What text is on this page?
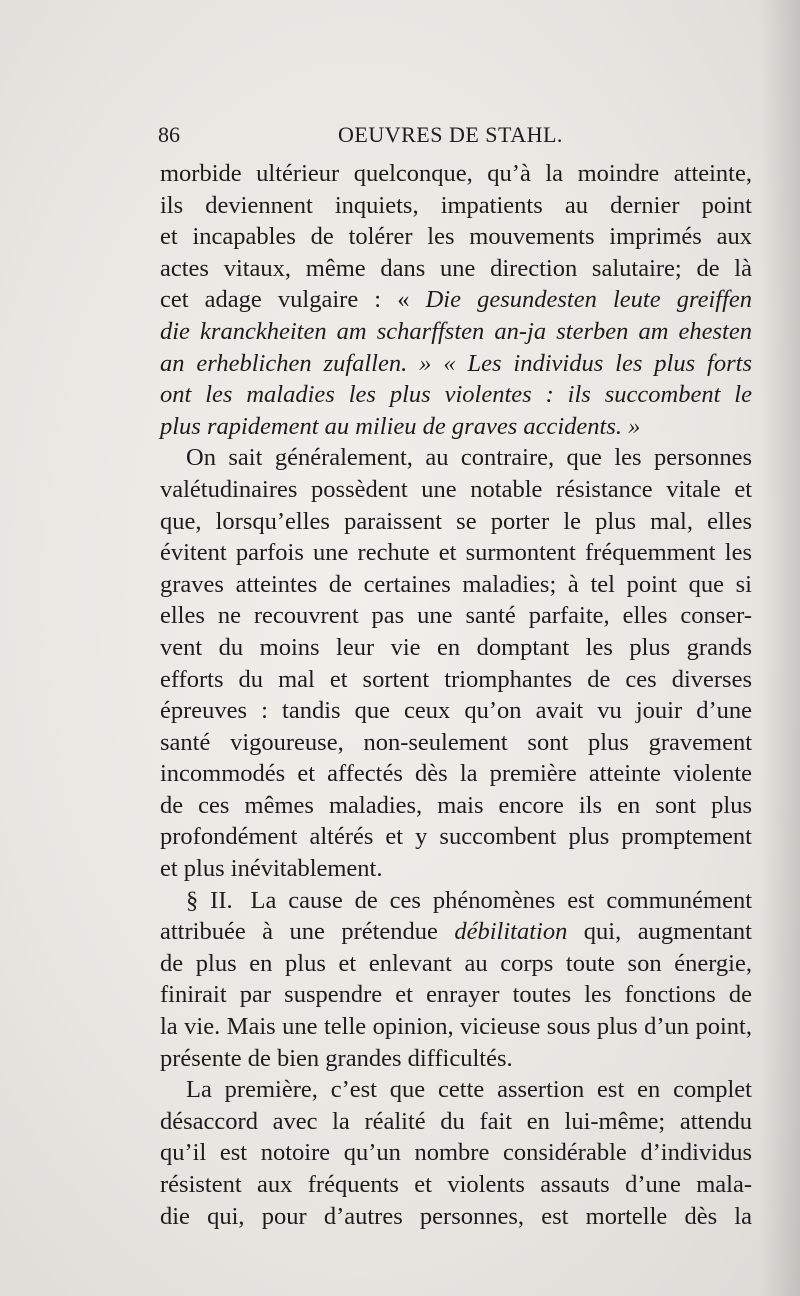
86	OEUVRES DE STAHL.
morbide ultérieur quelconque, qu’à la moindre atteinte,
ils deviennent inquiets, impatients au dernier point
et incapables de tolérer les mouvements imprimés aux
actes vitaux, même dans une direction salutaire; de là
cet adage vulgaire : « Die gesundesten leute greiffen
die kranckheiten am scharffsten an-ja sterben am ehesten
an erheblichen zufallen. » « Les individus les plus forts
ont les maladies les plus violentes : ils succombent le
plus rapidement au milieu de graves accidents. »
On sait généralement, au contraire, que les personnes
valétudinaires possèdent une notable résistance vitale et
que, lorsqu’elles paraissent se porter le plus mal, elles
évitent parfois une rechute et surmontent fréquemment les
graves atteintes de certaines maladies; à tel point que si
elles ne recouvrent pas une santé parfaite, elles conser-
vent du moins leur vie en domptant les plus grands
efforts du mal et sortent triomphantes de ces diverses
épreuves : tandis que ceux qu’on avait vu jouir d’une
santé vigoureuse, non-seulement sont plus gravement
incommodés et affectés dès la première atteinte violente
de ces mêmes maladies, mais encore ils en sont plus
profondément altérés et y succombent plus promptement
et plus inévitablement.
§ II. La cause de ces phénomènes est communément
attribuée à une prétendue débilitation qui, augmentant
de plus en plus et enlevant au corps toute son énergie,
finirait par suspendre et enrayer toutes les fonctions de
la vie. Mais une telle opinion, vicieuse sous plus d’un point,
présente de bien grandes difficultés.
La première, c’est que cette assertion est en complet
désaccord avec la réalité du fait en lui-même; attendu
qu’il est notoire qu’un nombre considérable d’individus
résistent aux fréquents et violents assauts d’une mala-
die qui, pour d’autres personnes, est mortelle dès la
